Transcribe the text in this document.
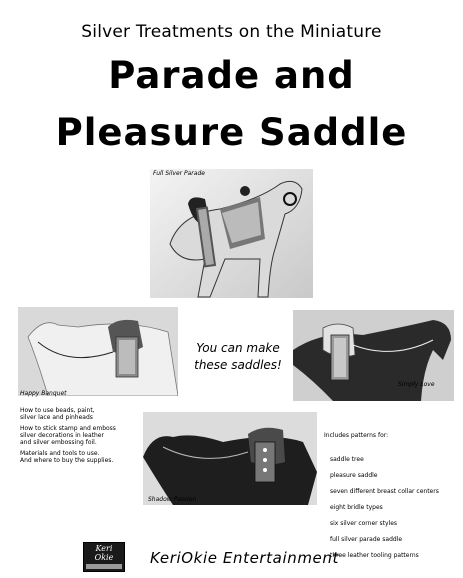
Silver Treatments on the Miniature
Parade and
Pleasure Saddle
Full Silver Parade
Happy Banquet
Simply Love
You can make
these saddles!

How to use beads, paint,
silver lace and pinheads

How to stick stamp and emboss
silver decorations in leather
and silver embossing foil.

Materials and tools to use.
And where to buy the supplies.

Shadow Passion

Includes patterns for:

saddle tree

pleasure saddle

seven different breast collar centers

eight bridle types

six silver corner styles

full silver parade saddle

three leather tooling patterns

Keri
Okie	KeriOkie Entertainment
